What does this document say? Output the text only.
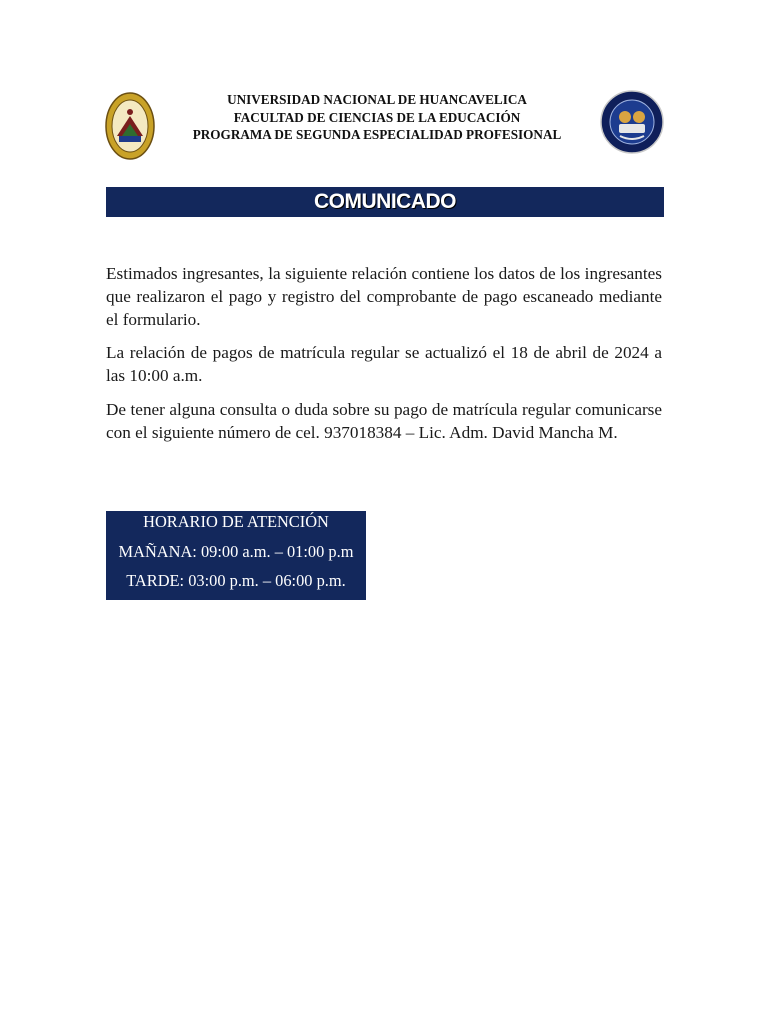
UNIVERSIDAD NACIONAL DE HUANCAVELICA
FACULTAD DE CIENCIAS DE LA EDUCACIÓN
PROGRAMA DE SEGUNDA ESPECIALIDAD PROFESIONAL
COMUNICADO

Estimados ingresantes, la siguiente relación contiene los datos de los ingresantes que realizaron el pago y registro del comprobante de pago escaneado mediante el formulario.

La relación de pagos de matrícula regular se actualizó el 18 de abril de 2024 a las 10:00 a.m.

De tener alguna consulta o duda sobre su pago de matrícula regular comunicarse con el siguiente número de cel. 937018384 – Lic. Adm. David Mancha M.

HORARIO DE ATENCIÓN
MAÑANA: 09:00 a.m. – 01:00 p.m
TARDE: 03:00 p.m. – 06:00 p.m.
